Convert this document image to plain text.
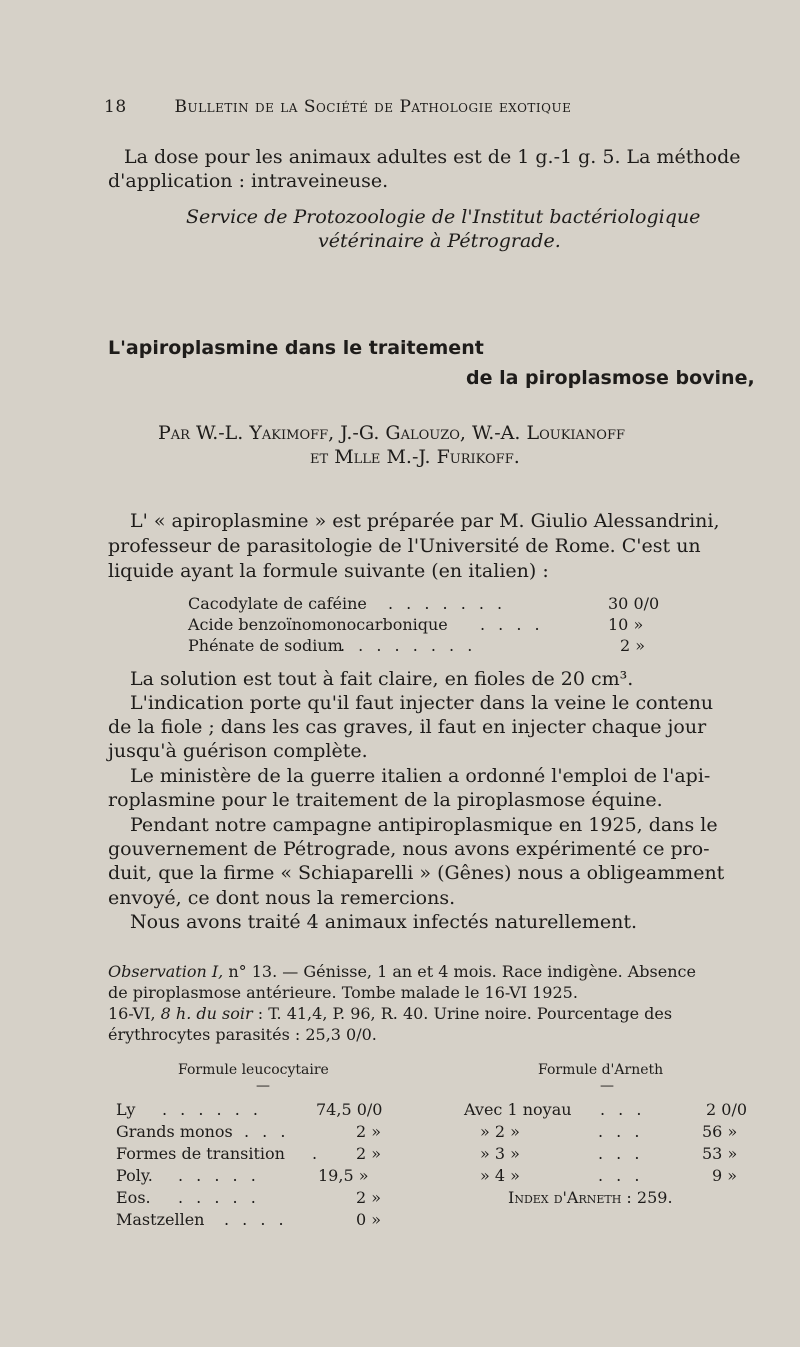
18	Bulletin de la Société de Pathologie exotique
La dose pour les animaux adultes est de 1 g.-1 g. 5. La méthode
d'application : intraveineuse.
Service de Protozoologie de l'Institut bactériologique
vétérinaire à Pétrograde.
L'apiroplasmine dans le traitement
de la piroplasmose bovine,
Par W.-L. Yakimoff, J.-G. Galouzo, W.-A. Loukianoff
et Mlle M.-J. Furikoff.
L' « apiroplasmine » est préparée par M. Giulio Alessandrini,
professeur de parasitologie de l'Université de Rome. C'est un
liquide ayant la formule suivante (en italien) :
Cacodylate de caféine . . . . . . .	30 0/0
Acide benzoïnomonocarbonique . . . .	10 »
Phénate de sodium
. . . . . . . .	2 »
La solution est tout à fait claire, en fioles de 20 cm³.
L'indication porte qu'il faut injecter dans la veine le contenu
de la fiole ; dans les cas graves, il faut en injecter chaque jour
jusqu'à guérison complète.
Le ministère de la guerre italien a ordonné l'emploi de l'api-
roplasmine pour le traitement de la piroplasmose équine.
Pendant notre campagne antipiroplasmique en 1925, dans le
gouvernement de Pétrograde, nous avons expérimenté ce pro-
duit, que la firme « Schiaparelli » (Gênes) nous a obligeamment
envoyé, ce dont nous la remercions.
Nous avons traité 4 animaux infectés naturellement.
Observation I, n° 13. — Génisse, 1 an et 4 mois. Race indigène. Absence
de piroplasmose antérieure. Tombe malade le 16-VI 1925.
16-VI, 8 h. du soir : T. 41,4, P. 96, R. 40. Urine noire. Pourcentage des
érythrocytes parasités : 25,3 0/0.
Formule leucocytaire
—
Formule d'Arneth
—
Ly . . . . . .	74,5 0/0
Grands monos . . .	2 »
Formes de transition . 2 »
Poly. . . . . .	19,5 »
Eos. . . . . .	2 »
Mastzellen . . . .	0 »
Avec 1 noyau . . .	2 0/0
» 2 »	. . .	56 »
» 3 »	. . .	53 »
» 4 »	. . .	9 »
Index d'Arneth : 259.
